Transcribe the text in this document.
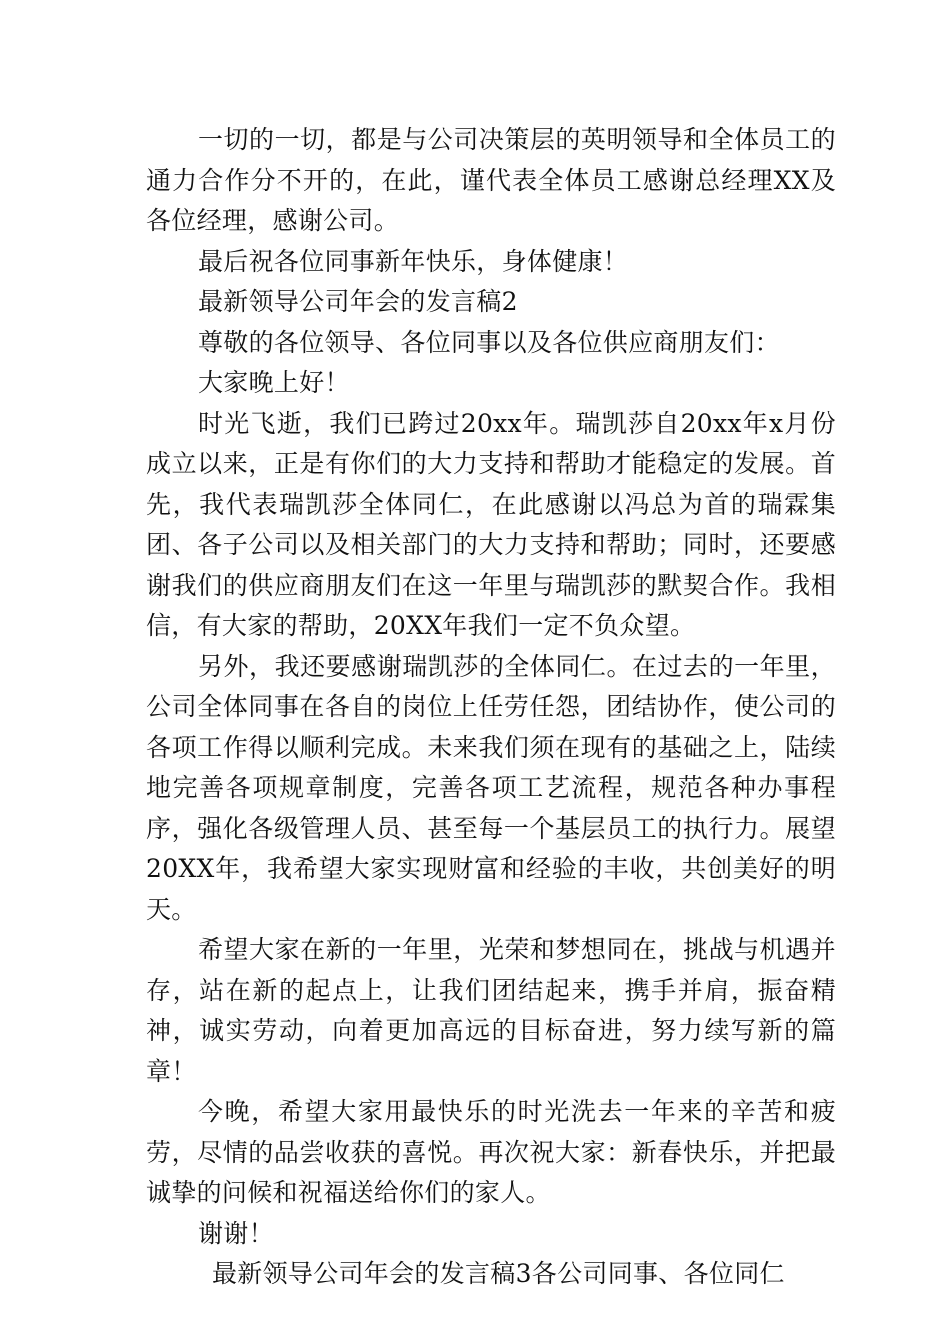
一切的一切，都是与公司决策层的英明领导和全体员工的通力合作分不开的，在此，谨代表全体员工感谢总经理XX及各位经理，感谢公司。

最后祝各位同事新年快乐，身体健康！

最新领导公司年会的发言稿2

尊敬的各位领导、各位同事以及各位供应商朋友们：

大家晚上好！

时光飞逝，我们已跨过20xx年。瑞凯莎自20xx年x月份成立以来，正是有你们的大力支持和帮助才能稳定的发展。首先，我代表瑞凯莎全体同仁，在此感谢以冯总为首的瑞霖集团、各子公司以及相关部门的大力支持和帮助；同时，还要感谢我们的供应商朋友们在这一年里与瑞凯莎的默契合作。我相信，有大家的帮助，20XX年我们一定不负众望。

另外，我还要感谢瑞凯莎的全体同仁。在过去的一年里，公司全体同事在各自的岗位上任劳任怨，团结协作，使公司的各项工作得以顺利完成。未来我们须在现有的基础之上，陆续地完善各项规章制度，完善各项工艺流程，规范各种办事程序，强化各级管理人员、甚至每一个基层员工的执行力。展望20XX年，我希望大家实现财富和经验的丰收，共创美好的明天。

希望大家在新的一年里，光荣和梦想同在，挑战与机遇并存，站在新的起点上，让我们团结起来，携手并肩，振奋精神，诚实劳动，向着更加高远的目标奋进，努力续写新的篇章！

今晚，希望大家用最快乐的时光洗去一年来的辛苦和疲劳，尽情的品尝收获的喜悦。再次祝大家：新春快乐，并把最诚挚的问候和祝福送给你们的家人。

谢谢！

最新领导公司年会的发言稿3各公司同事、各位同仁
